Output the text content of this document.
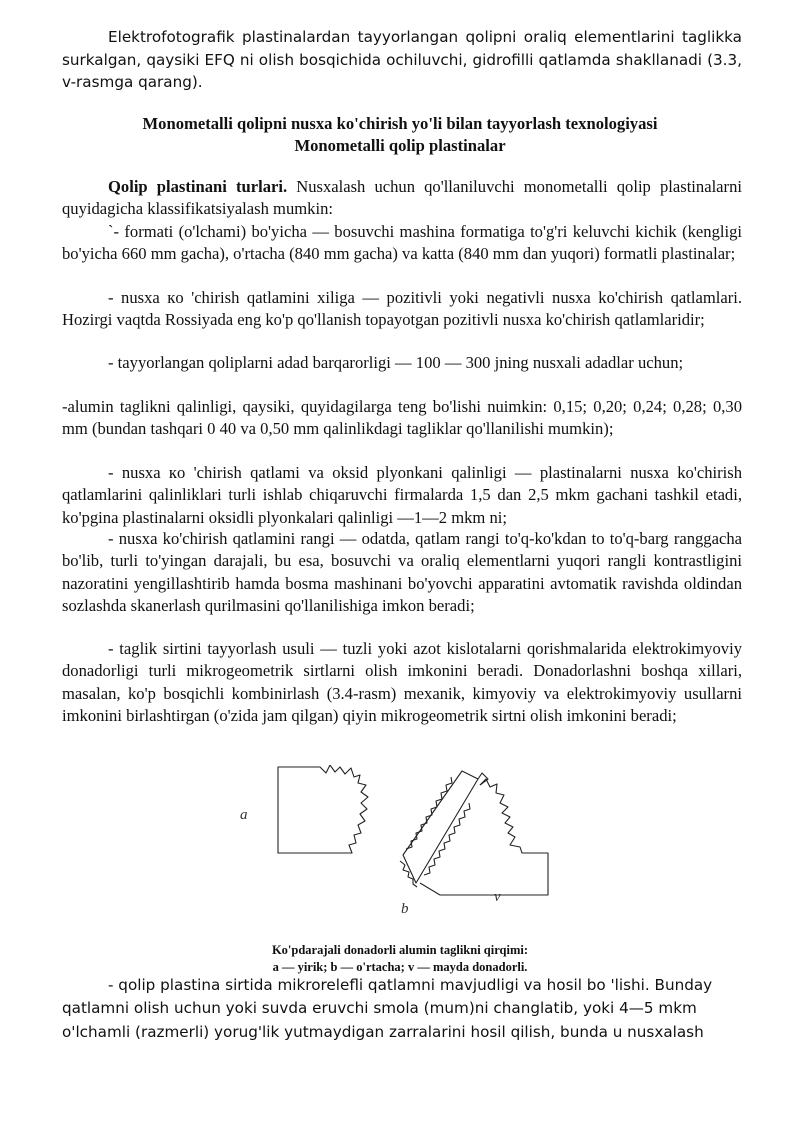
Elektrofotografik plastinalardan tayyorlangan qolipni oraliq elementlarini taglikka surkalgan, qaysiki EFQ ni olish bosqichida ochiluvchi, gidrofilli qatlamda shakllanadi (3.3, v-rasmga qarang).

Monometalli qolipni nusxa ko'chirish yo'li bilan tayyorlash texnologiyasi
Monometalli qolip plastinalar

Qolip plastinani turlari. Nusxalash uchun qo'llaniluvchi monometalli qolip plastinalarni quyidagicha klassifikatsiyalash mumkin:

`- formati (o'lchami) bo'yicha — bosuvchi mashina formatiga to'g'ri keluvchi kichik (kengligi bo'yicha 660 mm gacha), o'rtacha (840 mm gacha) va katta (840 mm dan yuqori) formatli plastinalar;

- nusxa кo 'chirish qatlamini xiliga — pozitivli yoki negativli nusxa ko'chirish qatlamlari. Hozirgi vaqtda Rossiyada eng ko'p qo'llanish topayotgan pozitivli nusxa ko'chirish qatlamlaridir;

- tayyorlangan qoliplarni adad barqarorligi — 100 — 300 jning nusxali adadlar uchun;

-alumin taglikni qalinligi, qaysiki, quyidagilarga teng bo'lishi nuimkin: 0,15; 0,20; 0,24; 0,28; 0,30 mm (bundan tashqari 0 40 va 0,50 mm qalinlikdagi tagliklar qo'llanilishi mumkin);

- nusxa кo 'chirish qatlami va oksid plyonkani qalinligi — plastinalarni nusxa ko'chirish qatlamlarini qalinliklari turli ishlab chiqaruvchi firmalarda 1,5 dan 2,5 mkm gachani tashkil etadi, ko'pgina plastinalarni oksidli plyonkalari qalinligi —1—2 mkm ni;

- nusxa ko'chirish qatlamini rangi — odatda, qatlam rangi to'q-ko'kdan to to'q-barg ranggacha bo'lib, turli to'yingan darajali, bu esa, bosuvchi va oraliq elementlarni yuqori rangli kontrastligini nazoratini yengillashtirib hamda bosma mashinani bo'yovchi apparatini avtomatik ravishda oldindan sozlashda skanerlash qurilmasini qo'llanilishiga imkon beradi;

- taglik sirtini tayyorlash usuli — tuzli yoki azot kislotalarni qorishmalarida elektrokimyoviy donadorligi turli mikrogeometrik sirtlarni olish imkonini beradi. Donadorlashni boshqa xillari, masalan, ko'p bosqichli kombinirlash (3.4-rasm) mexanik, kimyoviy va elektrokimyoviy usullarni imkonini birlashtirgan (o'zida jam qilgan) qiyin mikrogeometrik sirtni olish imkonini beradi;

a
b
v
Ko'pdarajali donadorli alumin taglikni qirqimi:
a — yirik; b — o'rtacha; v — mayda donadorli.

- qolip plastina sirtida mikrorelefli qatlamni mavjudligi va hosil bo 'lishi. Bunday qatlamni olish uchun yoki suvda eruvchi smola (mum)ni changlatib, yoki 4—5 mkm o'lchamli (razmerli) yorug'lik yutmaydigan zarralarini hosil qilish, bunda u nusxalash
